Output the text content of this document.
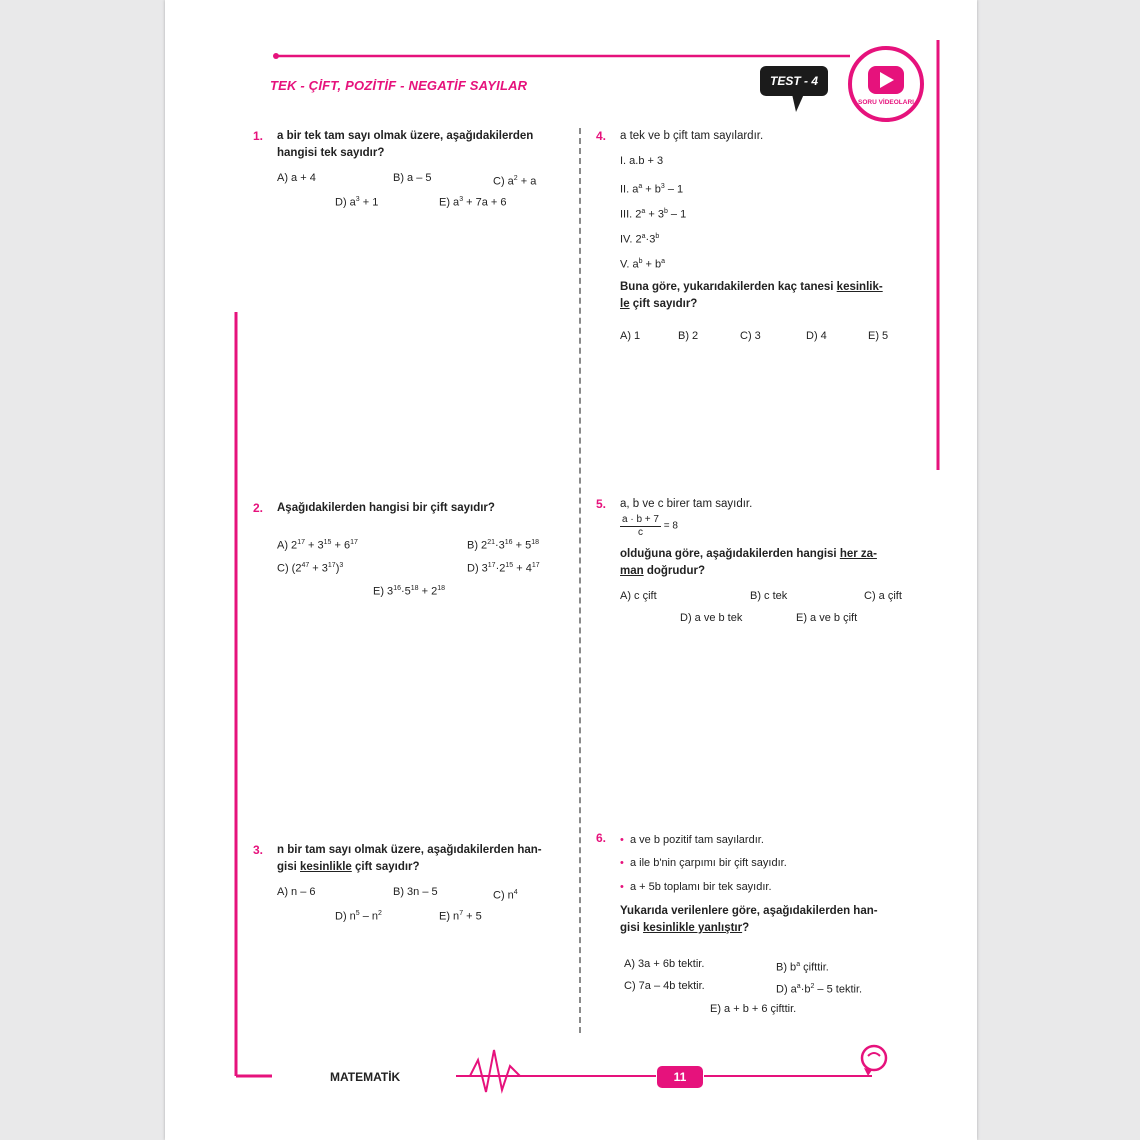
TEK - ÇİFT, POZİTİF - NEGATİF SAYILAR	TEST - 4
SORU VİDEOLARI
1. a bir tek tam sayı olmak üzere, aşağıdakilerden
hangisi tek sayıdır?
A) a + 4	B) a – 5	C) $a^2 + a$
D) $a^3 + 1$	E) $a^3 + 7a + 6$
2. Aşağıdakilerden hangisi bir çift sayıdır?
A) $2^{17} + 3^{15} + 6^{17}$	B) $2^{21}\cdot 3^{16} + 5^{18}$
C) $(2^{47} + 3^{17})^3$	D) $3^{17}\cdot 2^{15} + 4^{17}$
E) $3^{16}\cdot 5^{18} + 2^{18}$
3. n bir tam sayı olmak üzere, aşağıdakilerden han-
gisi kesinlikle çift sayıdır?
A) n – 6	B) 3n – 5	C) $n^4$
D) $n^5 - n^2$	E) $n^7 + 5$
4. a tek ve b çift tam sayılardır.
I. a.b + 3
II. $a^a + b^3 - 1$
III. $2^a + 3^b - 1$
IV. $2^a\cdot 3^b$
V. $a^b + b^a$
Buna göre, yukarıdakilerden kaç tanesi kesinlik-
le çift sayıdır?
A) 1	B) 2	C) 3	D) 4	E) 5
5. a, b ve c birer tam sayıdır.
$\frac{a \cdot b + 7}{c} = 8$
olduğuna göre, aşağıdakilerden hangisi her za-
man doğrudur?
A) c çift	B) c tek	C) a çift
D) a ve b tek	E) a ve b çift
6. • a ve b pozitif tam sayılardır.
• a ile b'nin çarpımı bir çift sayıdır.
• a + 5b toplamı bir tek sayıdır.
Yukarıda verilenlere göre, aşağıdakilerden han-
gisi kesinlikle yanlıştır?
A) 3a + 6b tektir.	B) $b^a$ çifttir.
C) 7a – 4b tektir.	D) $a^a\cdot b^2 - 5$ tektir.
E) a + b + 6 çifttir.
MATEMATİK	11
